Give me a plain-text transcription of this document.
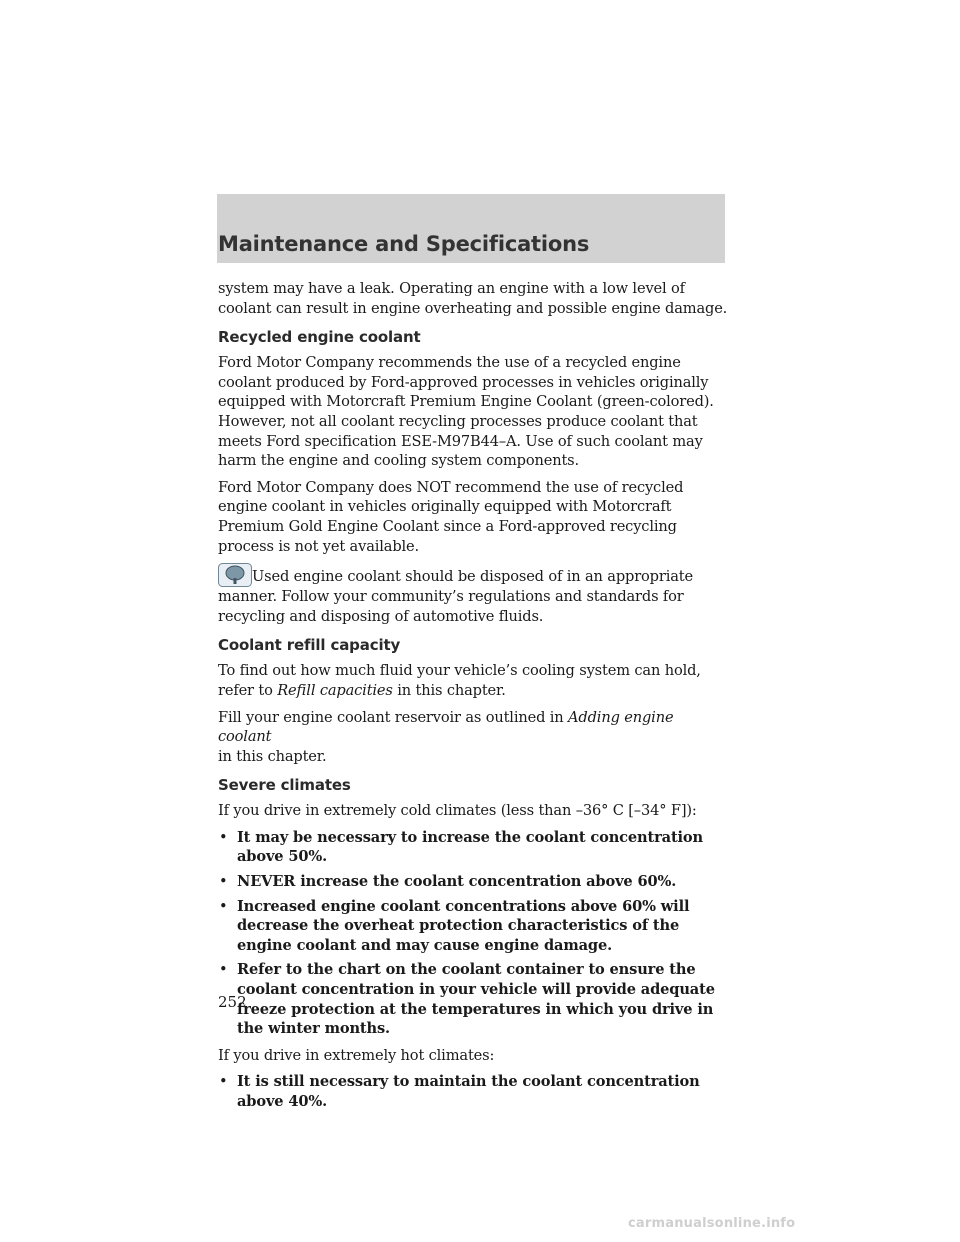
Maintenance and Specifications

system may have a leak. Operating an engine with a low level of coolant can result in engine overheating and possible engine damage.

Recycled engine coolant

Ford Motor Company recommends the use of a recycled engine coolant produced by Ford-approved processes in vehicles originally equipped with Motorcraft Premium Engine Coolant (green-colored). However, not all coolant recycling processes produce coolant that meets Ford specification ESE-M97B44–A. Use of such coolant may harm the engine and cooling system components.

Ford Motor Company does NOT recommend the use of recycled engine coolant in vehicles originally equipped with Motorcraft Premium Gold Engine Coolant since a Ford-approved recycling process is not yet available.

Used engine coolant should be disposed of in an appropriate manner. Follow your community’s regulations and standards for recycling and disposing of automotive fluids.
Coolant refill capacity

To find out how much fluid your vehicle’s cooling system can hold, refer to Refill capacities in this chapter.

Fill your engine coolant reservoir as outlined in Adding engine coolant
in this chapter.

Severe climates

If you drive in extremely cold climates (less than –36° C [–34° F]):

• It may be necessary to increase the coolant concentration above 50%.
• NEVER increase the coolant concentration above 60%.
• Increased engine coolant concentrations above 60% will decrease the overheat protection characteristics of the engine coolant and may cause engine damage.
• Refer to the chart on the coolant container to ensure the coolant concentration in your vehicle will provide adequate freeze protection at the temperatures in which you drive in the winter months.

If you drive in extremely hot climates:

• It is still necessary to maintain the coolant concentration above 40%.
252
carmanualsonline.info
